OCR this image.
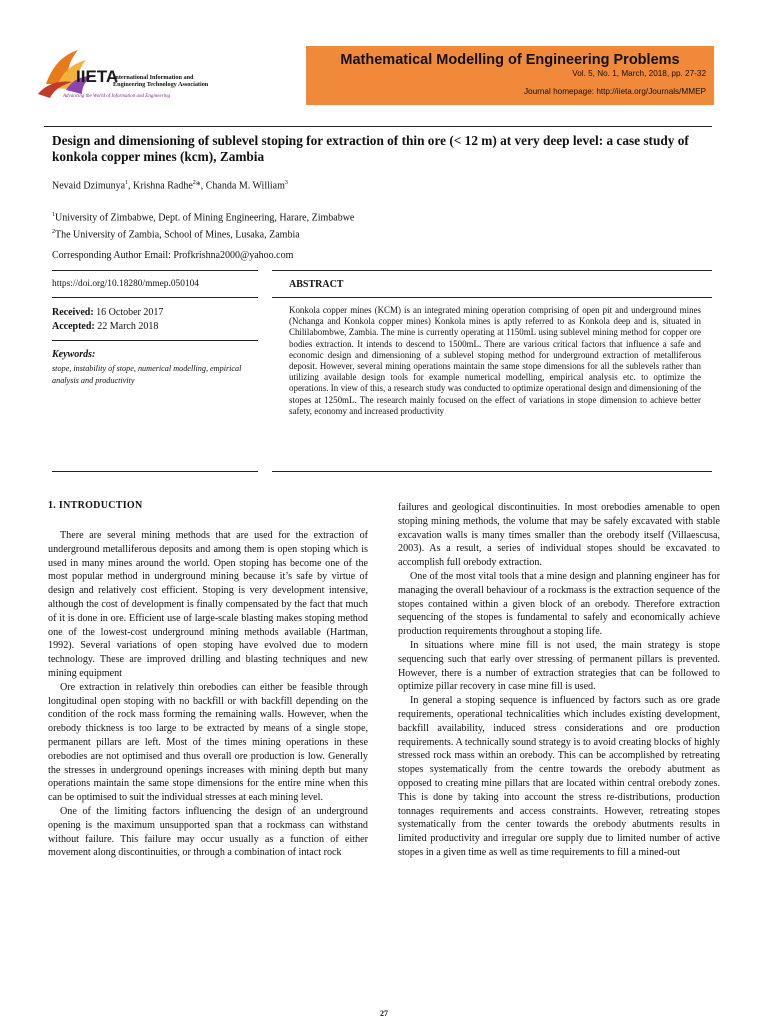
IIETA
International Information and
Engineering Technology Association
Advancing the World of Information and Engineering
Mathematical Modelling of Engineering Problems
Vol. 5, No. 1, March, 2018, pp. 27-32
Journal homepage: http://iieta.org/Journals/MMEP
Design and dimensioning of sublevel stoping for extraction of thin ore (< 12 m) at very deep level: a case study of konkola copper mines (kcm), Zambia
Nevaid Dzimunya$^1$, Krishna Radhe$^2$*, Chanda M. William$^3$
$^1$University of Zimbabwe, Dept. of Mining Engineering, Harare, Zimbabwe
$^2$The University of Zambia, School of Mines, Lusaka, Zambia
Corresponding Author Email: Profkrishna2000@yahoo.com
https://doi.org/10.18280/mmep.050104	ABSTRACT
Received: 16 October 2017
Accepted: 22 March 2018
Keywords:
stope, instability of stope, numerical modelling, empirical analysis and productivity
Konkola copper mines (KCM) is an integrated mining operation comprising of open pit and underground mines (Nchanga and Konkola copper mines) Konkola mines is aptly referred to as Konkola deep and is, situated in Chililabombwe, Zambia. The mine is currently operating at 1150mL using sublevel mining method for copper ore bodies extraction. It intends to descend to 1500mL. There are various critical factors that influence a safe and economic design and dimensioning of a sublevel stoping method for underground extraction of metalliferous deposit. However, several mining operations maintain the same stope dimensions for all the sublevels rather than utilizing available design tools for example numerical modelling, empirical analysis etc. to optimize the operations. In view of this, a research study was conducted to optimize operational design and dimensioning of the stopes at 1250mL. The research mainly focused on the effect of variations in stope dimension to achieve better safety, economy and increased productivity
1. INTRODUCTION

There are several mining methods that are used for the extraction of underground metalliferous deposits and among them is open stoping which is used in many mines around the world. Open stoping has become one of the most popular method in underground mining because it’s safe by virtue of design and relatively cost efficient. Stoping is very development intensive, although the cost of development is finally compensated by the fact that much of it is done in ore. Efficient use of large-scale blasting makes stoping method one of the lowest-cost underground mining methods available (Hartman, 1992). Several variations of open stoping have evolved due to modern technology. These are improved drilling and blasting techniques and new mining equipment

Ore extraction in relatively thin orebodies can either be feasible through longitudinal open stoping with no backfill or with backfill depending on the condition of the rock mass forming the remaining walls. However, when the orebody thickness is too large to be extracted by means of a single stope, permanent pillars are left. Most of the times mining operations in these orebodies are not optimised and thus overall ore production is low. Generally the stresses in underground openings increases with mining depth but many operations maintain the same stope dimensions for the entire mine when this can be optimised to suit the individual stresses at each mining level.

One of the limiting factors influencing the design of an underground opening is the maximum unsupported span that a rockmass can withstand without failure. This failure may occur usually as a function of either movement along discontinuities, or through a combination of intact rock

failures and geological discontinuities. In most orebodies amenable to open stoping mining methods, the volume that may be safely excavated with stable excavation walls is many times smaller than the orebody itself (Villaescusa, 2003). As a result, a series of individual stopes should be excavated to accomplish full orebody extraction.

One of the most vital tools that a mine design and planning engineer has for managing the overall behaviour of a rockmass is the extraction sequence of the stopes contained within a given block of an orebody. Therefore extraction sequencing of the stopes is fundamental to safely and economically achieve production requirements throughout a stoping life.

In situations where mine fill is not used, the main strategy is stope sequencing such that early over stressing of permanent pillars is prevented. However, there is a number of extraction strategies that can be followed to optimize pillar recovery in case mine fill is used.

In general a stoping sequence is influenced by factors such as ore grade requirements, operational technicalities which includes existing development, backfill availability, induced stress considerations and ore production requirements. A technically sound strategy is to avoid creating blocks of highly stressed rock mass within an orebody. This can be accomplished by retreating stopes systematically from the centre towards the orebody abutment as opposed to creating mine pillars that are located within central orebody zones. This is done by taking into account the stress re-distributions, production tonnages requirements and access constraints. However, retreating stopes systematically from the center towards the orebody abutments results in limited productivity and irregular ore supply due to limited number of active stopes in a given time as well as time requirements to fill a mined-out

27
